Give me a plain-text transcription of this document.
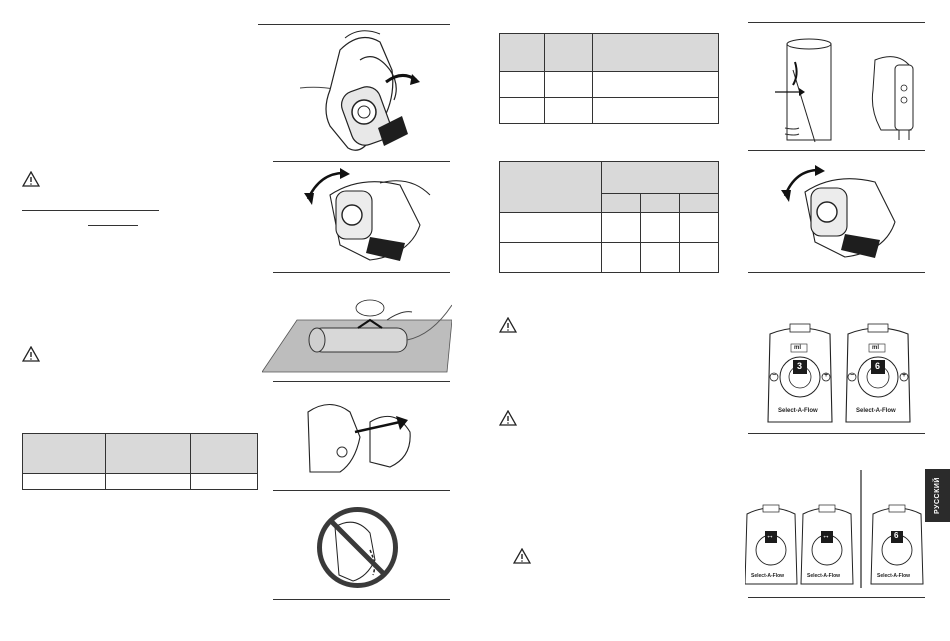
ml
3
Select-A-Flow
ml
6
Select-A-Flow
−	+	−	+
↔	↔	6
Select-A-Flow	Select-A-Flow	Select-A-Flow
РУССКИЙ
